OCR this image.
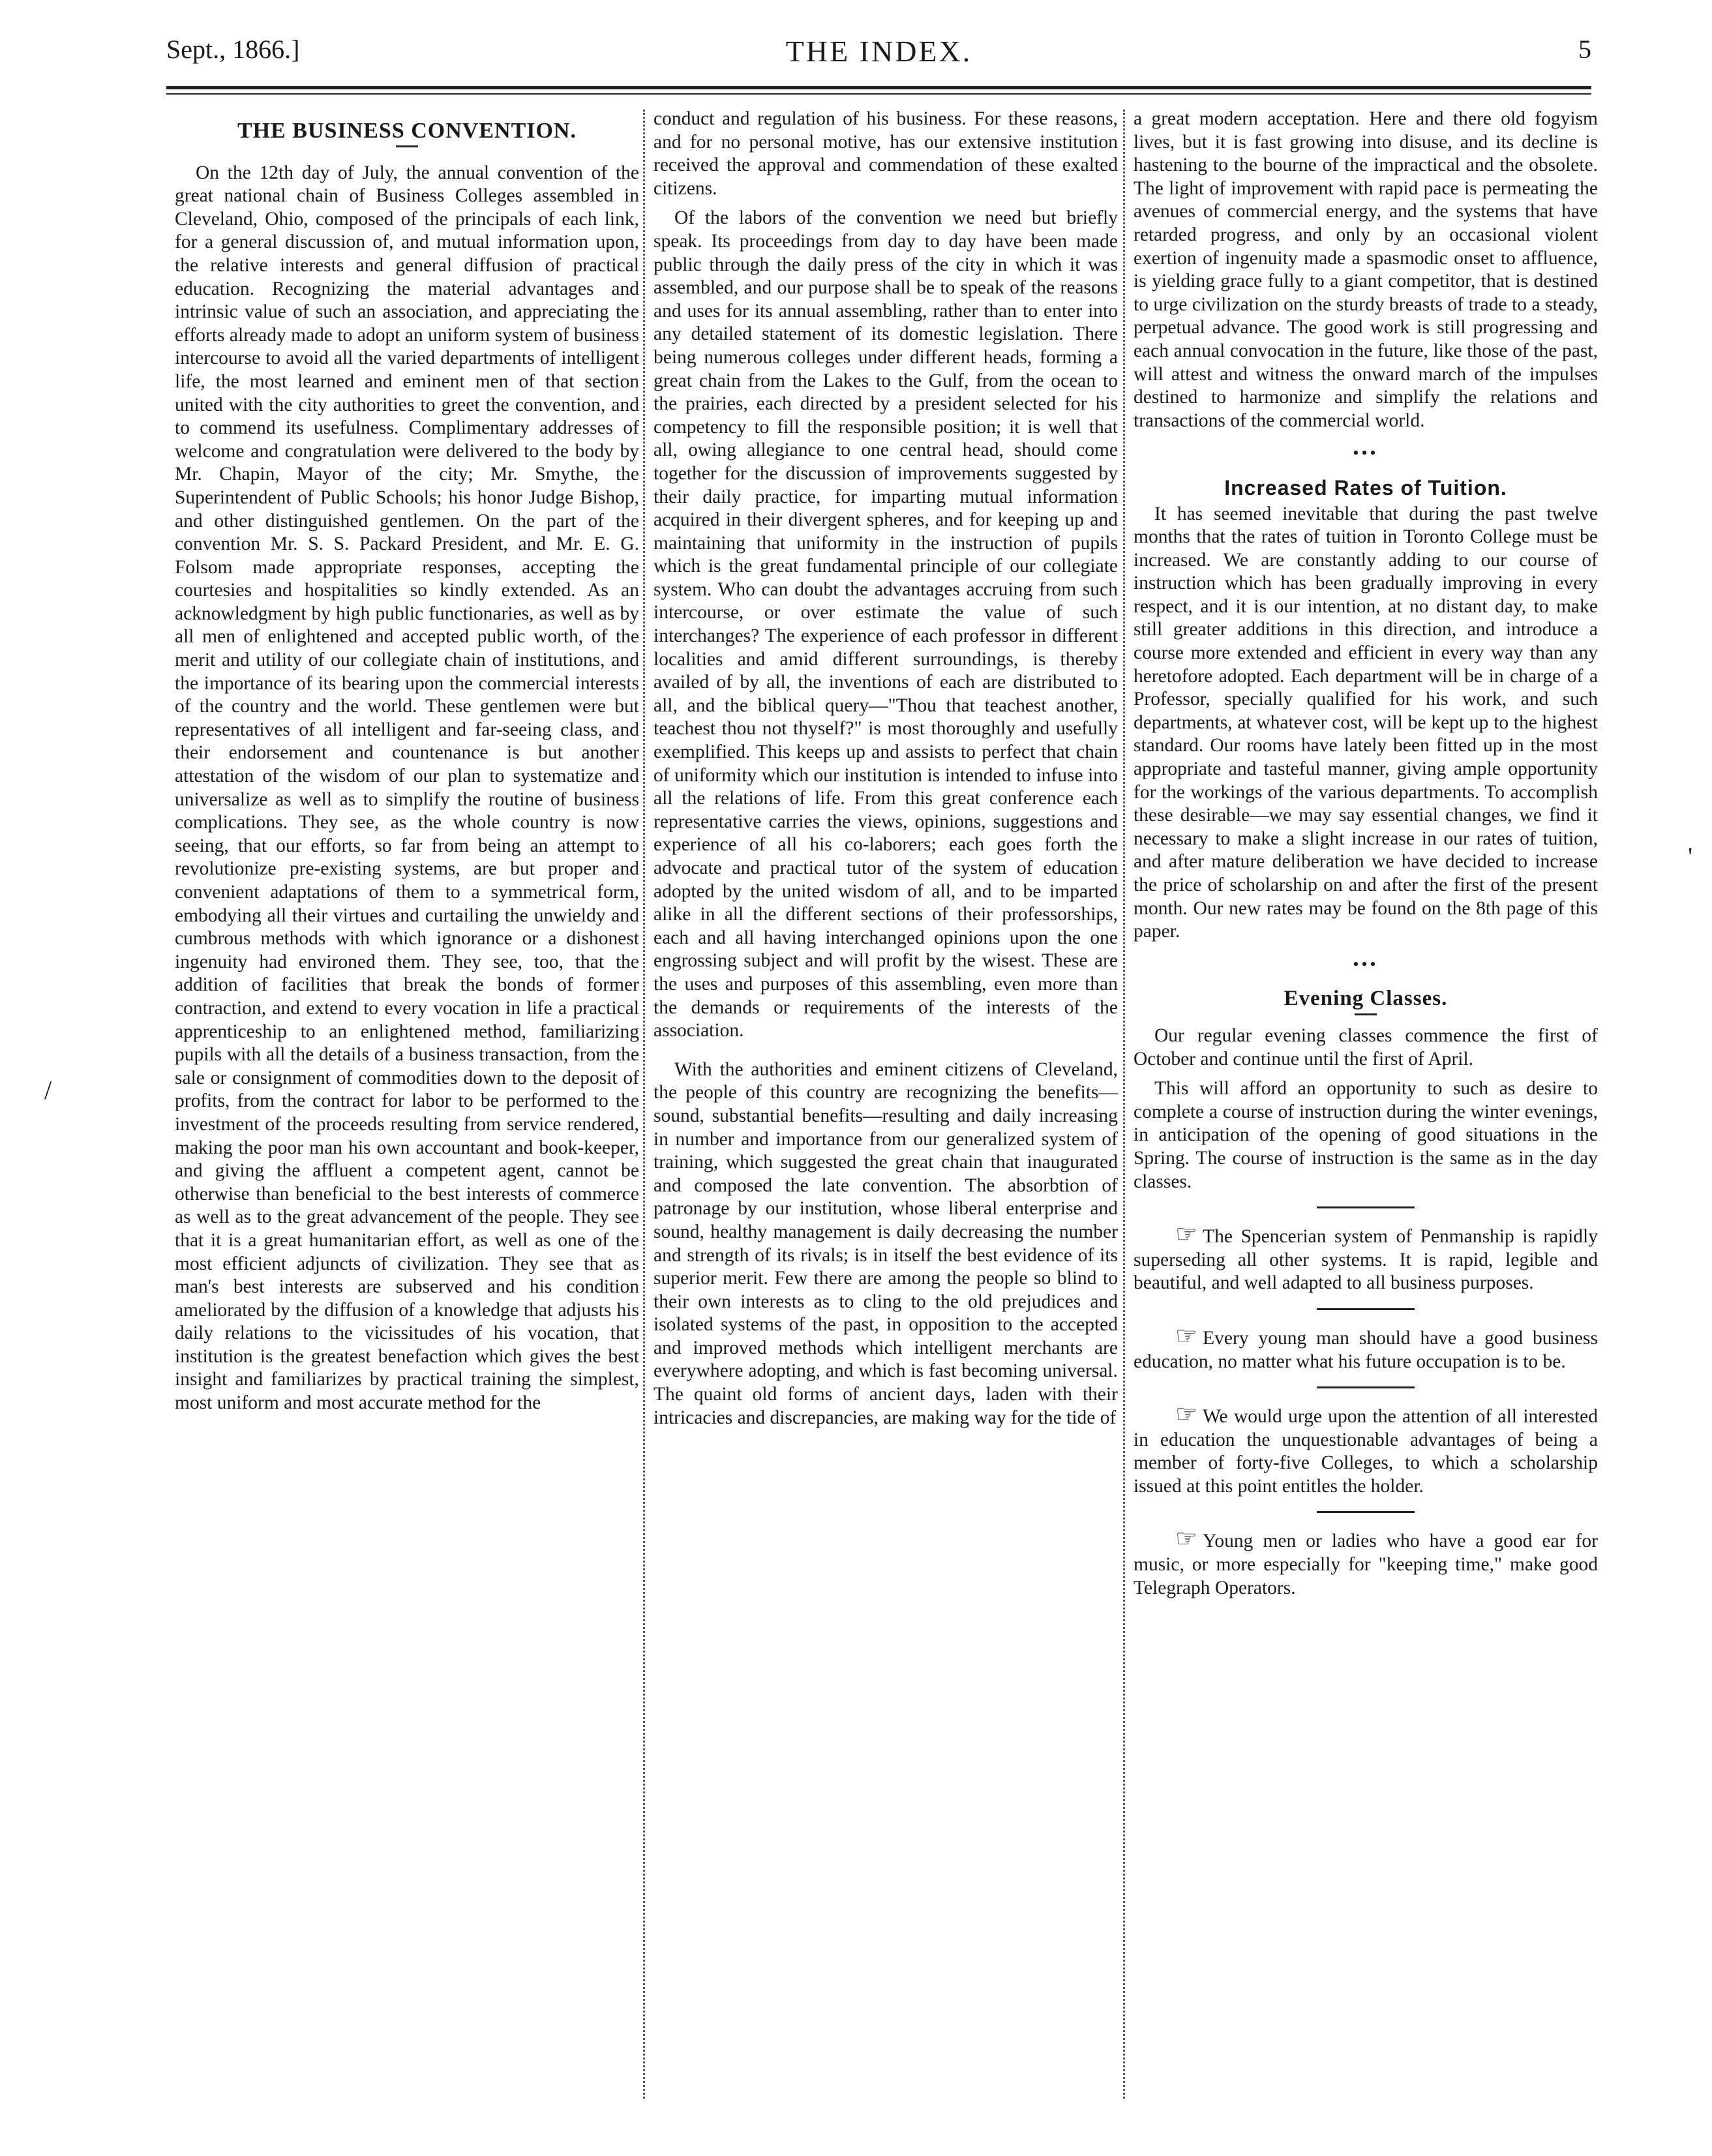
Sept., 1866.]	THE INDEX.	5
/
'
THE BUSINESS CONVENTION.

On the 12th day of July, the annual convention of the great national chain of Business Colleges assembled in Cleveland, Ohio, composed of the principals of each link, for a general discussion of, and mutual information upon, the relative interests and general diffusion of practical education. Recognizing the material advantages and intrinsic value of such an association, and appreciating the efforts already made to adopt an uniform system of business intercourse to avoid all the varied departments of intelligent life, the most learned and eminent men of that section united with the city authorities to greet the convention, and to commend its usefulness. Complimentary addresses of welcome and congratulation were delivered to the body by Mr. Chapin, Mayor of the city; Mr. Smythe, the Superintendent of Public Schools; his honor Judge Bishop, and other distinguished gentlemen. On the part of the convention Mr. S. S. Packard President, and Mr. E. G. Folsom made appropriate responses, accepting the courtesies and hospitalities so kindly extended. As an acknowledgment by high public functionaries, as well as by all men of enlightened and accepted public worth, of the merit and utility of our collegiate chain of institutions, and the importance of its bearing upon the commercial interests of the country and the world. These gentlemen were but representatives of all intelligent and far-seeing class, and their endorsement and countenance is but another attestation of the wisdom of our plan to systematize and universalize as well as to simplify the routine of business complications. They see, as the whole country is now seeing, that our efforts, so far from being an attempt to revolutionize pre-existing systems, are but proper and convenient adaptations of them to a symmetrical form, embodying all their virtues and curtailing the unwieldy and cumbrous methods with which ignorance or a dishonest ingenuity had environed them. They see, too, that the addition of facilities that break the bonds of former contraction, and extend to every vocation in life a practical apprenticeship to an enlightened method, familiarizing pupils with all the details of a business transaction, from the sale or consignment of commodities down to the deposit of profits, from the contract for labor to be performed to the investment of the proceeds resulting from service rendered, making the poor man his own accountant and book-keeper, and giving the affluent a competent agent, cannot be otherwise than beneficial to the best interests of commerce as well as to the great advancement of the people. They see that it is a great humanitarian effort, as well as one of the most efficient adjuncts of civilization. They see that as man's best interests are subserved and his condition ameliorated by the diffusion of a knowledge that adjusts his daily relations to the vicissitudes of his vocation, that institution is the greatest benefaction which gives the best insight and familiarizes by practical training the simplest, most uniform and most accurate method for the

conduct and regulation of his business. For these reasons, and for no personal motive, has our extensive institution received the approval and commendation of these exalted citizens.

Of the labors of the convention we need but briefly speak. Its proceedings from day to day have been made public through the daily press of the city in which it was assembled, and our purpose shall be to speak of the reasons and uses for its annual assembling, rather than to enter into any detailed statement of its domestic legislation. There being numerous colleges under different heads, forming a great chain from the Lakes to the Gulf, from the ocean to the prairies, each directed by a president selected for his competency to fill the responsible position; it is well that all, owing allegiance to one central head, should come together for the discussion of improvements suggested by their daily practice, for imparting mutual information acquired in their divergent spheres, and for keeping up and maintaining that uniformity in the instruction of pupils which is the great fundamental principle of our collegiate system. Who can doubt the advantages accruing from such intercourse, or over estimate the value of such interchanges? The experience of each professor in different localities and amid different surroundings, is thereby availed of by all, the inventions of each are distributed to all, and the biblical query—"Thou that teachest another, teachest thou not thyself?" is most thoroughly and usefully exemplified. This keeps up and assists to perfect that chain of uniformity which our institution is intended to infuse into all the relations of life. From this great conference each representative carries the views, opinions, suggestions and experience of all his co-laborers; each goes forth the advocate and practical tutor of the system of education adopted by the united wisdom of all, and to be imparted alike in all the different sections of their professorships, each and all having interchanged opinions upon the one engrossing subject and will profit by the wisest. These are the uses and purposes of this assembling, even more than the demands or requirements of the interests of the association.

With the authorities and eminent citizens of Cleveland, the people of this country are recognizing the benefits—sound, substantial benefits—resulting and daily increasing in number and importance from our generalized system of training, which suggested the great chain that inaugurated and composed the late convention. The absorbtion of patronage by our institution, whose liberal enterprise and sound, healthy management is daily decreasing the number and strength of its rivals; is in itself the best evidence of its superior merit. Few there are among the people so blind to their own interests as to cling to the old prejudices and isolated systems of the past, in opposition to the accepted and improved methods which intelligent merchants are everywhere adopting, and which is fast becoming universal. The quaint old forms of ancient days, laden with their intricacies and discrepancies, are making way for the tide of

a great modern acceptation. Here and there old fogyism lives, but it is fast growing into disuse, and its decline is hastening to the bourne of the impractical and the obsolete. The light of improvement with rapid pace is permeating the avenues of commercial energy, and the systems that have retarded progress, and only by an occasional violent exertion of ingenuity made a spasmodic onset to affluence, is yielding grace fully to a giant competitor, that is destined to urge civilization on the sturdy breasts of trade to a steady, perpetual advance. The good work is still progressing and each annual convocation in the future, like those of the past, will attest and witness the onward march of the impulses destined to harmonize and simplify the relations and transactions of the commercial world.

•••
Increased Rates of Tuition.

It has seemed inevitable that during the past twelve months that the rates of tuition in Toronto College must be increased. We are constantly adding to our course of instruction which has been gradually improving in every respect, and it is our intention, at no distant day, to make still greater additions in this direction, and introduce a course more extended and efficient in every way than any heretofore adopted. Each department will be in charge of a Professor, specially qualified for his work, and such departments, at whatever cost, will be kept up to the highest standard. Our rooms have lately been fitted up in the most appropriate and tasteful manner, giving ample opportunity for the workings of the various departments. To accomplish these desirable—we may say essential changes, we find it necessary to make a slight increase in our rates of tuition, and after mature deliberation we have decided to increase the price of scholarship on and after the first of the present month. Our new rates may be found on the 8th page of this paper.

•••
Evening Classes.

Our regular evening classes commence the first of October and continue until the first of April.

This will afford an opportunity to such as desire to complete a course of instruction during the winter evenings, in anticipation of the opening of good situations in the Spring. The course of instruction is the same as in the day classes.

☞ The Spencerian system of Penmanship is rapidly superseding all other systems. It is rapid, legible and beautiful, and well adapted to all business purposes.

☞ Every young man should have a good business education, no matter what his future occupation is to be.

☞ We would urge upon the attention of all interested in education the unquestionable advantages of being a member of forty-five Colleges, to which a scholarship issued at this point entitles the holder.

☞ Young men or ladies who have a good ear for music, or more especially for "keeping time," make good Telegraph Operators.
